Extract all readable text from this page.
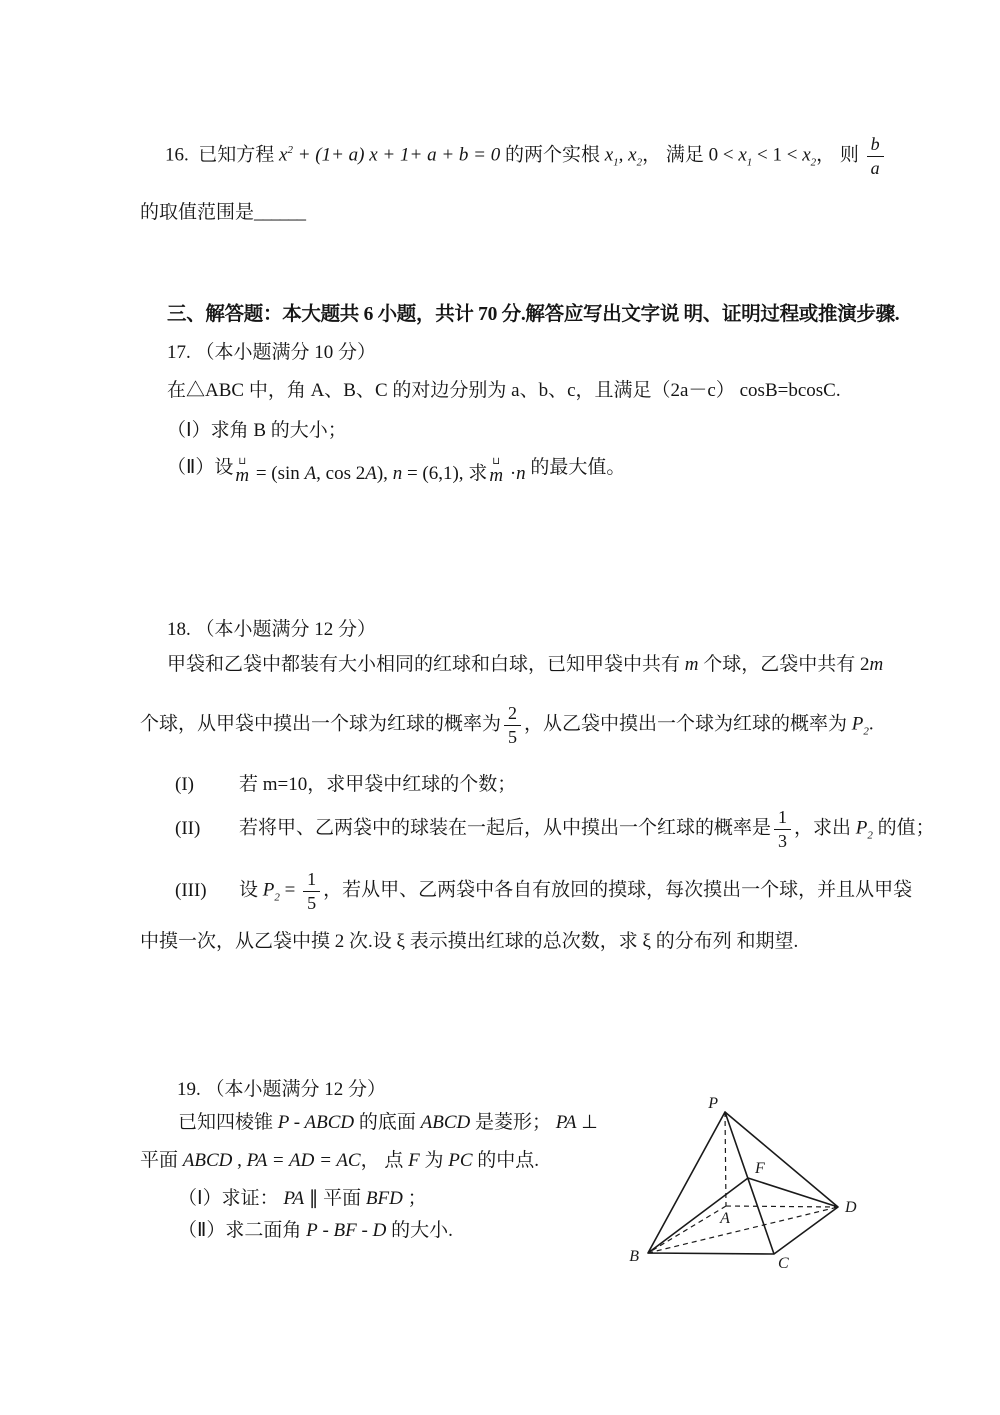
16.  已知方程 $x^2 + (1+ a) x + 1+ a + b = 0$ 的两个实根 $x_1$, $x_2$， 满足 $0 < x_1 < 1 < x_2$， 则 $\frac{b}{a}$
的取值范围是______
三、解答题：本大题共 6 小题，共计 70 分.解答应写出文字说 明、证明过程或推演步骤.
17. （本小题满分 10 分）
在△ABC 中，角 A、B、C 的对边分别为 a、b、c，且满足（2a－c） cosB=bcosC.
（Ⅰ）求角 B 的大小；
（Ⅱ）设 ⊔
m = (sin A, cos 2A), n = (6,1), 求
⊔
m ·n 的最大值。
18. （本小题满分 12 分）
甲袋和乙袋中都装有大小相同的红球和白球，已知甲袋中共有 m 个球，乙袋中共有 2m
个球，从甲袋中摸出一个球为红球的概率为 $\frac{2}{5}$ ，从乙袋中摸出一个球为红球的概率为 $P_2$.
(I) 若 m=10，求甲袋中红球的个数；
(II) 若将甲、乙两袋中的球装在一起后，从中摸出一个红球的概率是 $\frac{1}{3}$ ，求出 $P_2$ 的值；
(III) 设 $P_2 = \frac{1}{5}$ ，若从甲、乙两袋中各自有放回的摸球，每次摸出一个球，并且从甲袋
中摸一次，从乙袋中摸 2 次.设 ξ 表示摸出红球的总次数，求 ξ 的分布列 和期望.
19. （本小题满分 12 分）
已知四棱锥 P - ABCD 的底面 ABCD 是菱形； PA ⊥
平面 ABCD , PA = AD = AC， 点 F 为 PC 的中点.
（Ⅰ）求证： PA ∥ 平面 BFD ；
（Ⅱ）求二面角 P - BF - D 的大小.
P
F
A
B	C
D
